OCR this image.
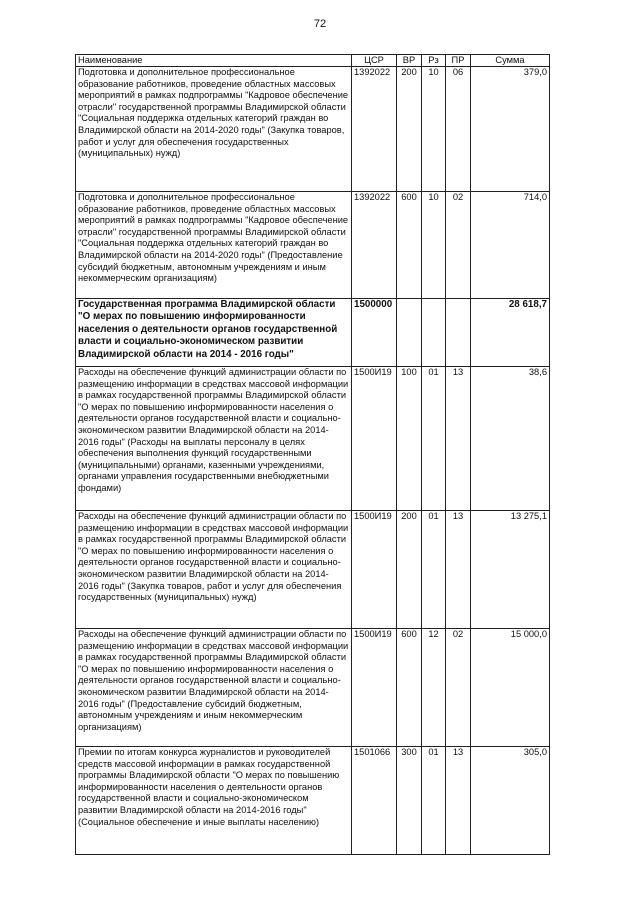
72
Наименование	ЦСР	ВР	Рз	ПР	Сумма
Подготовка и дополнительное профессиональное образование работников, проведение областных массовых мероприятий в рамках подпрограммы "Кадровое обеспечение отрасли" государственной программы Владимирской области "Социальная поддержка отдельных категорий граждан во Владимирской области на 2014-2020 годы" (Закупка товаров, работ и услуг для обеспечения государственных (муниципальных) нужд)	1392022	200	10	06	379,0
Подготовка и дополнительное профессиональное образование работников, проведение областных массовых мероприятий в рамках подпрограммы "Кадровое обеспечение отрасли" государственной программы Владимирской области "Социальная поддержка отдельных категорий граждан во Владимирской области на 2014-2020 годы" (Предоставление субсидий бюджетным, автономным учреждениям и иным некоммерческим организациям)	1392022	600	10	02	714,0
Государственная программа Владимирской области "О мерах по повышению информированности населения о деятельности органов государственной власти и социально-экономическом развитии Владимирской области на 2014 - 2016 годы"	1500000				28 618,7
Расходы на обеспечение функций администрации области по размещению информации в средствах массовой информации в рамках государственной программы Владимирской области "О мерах по повышению информированности населения о деятельности органов государственной власти и социально-экономическом развитии Владимирской области на 2014-2016 годы" (Расходы на выплаты персоналу в целях обеспечения выполнения функций государственными (муниципальными) органами, казенными учреждениями, органами управления государственными внебюджетными фондами)	1500И19	100	01	13	38,6
Расходы на обеспечение функций администрации области по размещению информации в средствах массовой информации в рамках государственной программы Владимирской области "О мерах по повышению информированности населения о деятельности органов государственной власти и социально-экономическом развитии Владимирской области на 2014-2016 годы" (Закупка товаров, работ и услуг для обеспечения государственных (муниципальных) нужд)	1500И19	200	01	13	13 275,1
Расходы на обеспечение функций администрации области по размещению информации в средствах массовой информации в рамках государственной программы Владимирской области "О мерах по повышению информированности населения о деятельности органов государственной власти и социально-экономическом развитии Владимирской области на 2014-2016 годы" (Предоставление субсидий бюджетным, автономным учреждениям и иным некоммерческим организациям)	1500И19	600	12	02	15 000,0
Премии по итогам конкурса журналистов и руководителей средств массовой информации в рамках государственной программы Владимирской области "О мерах по повышению информированности населения о деятельности органов государственной власти и социально-экономическом развитии Владимирской области на 2014-2016 годы" (Социальное обеспечение и иные выплаты населению)	1501066	300	01	13	305,0
